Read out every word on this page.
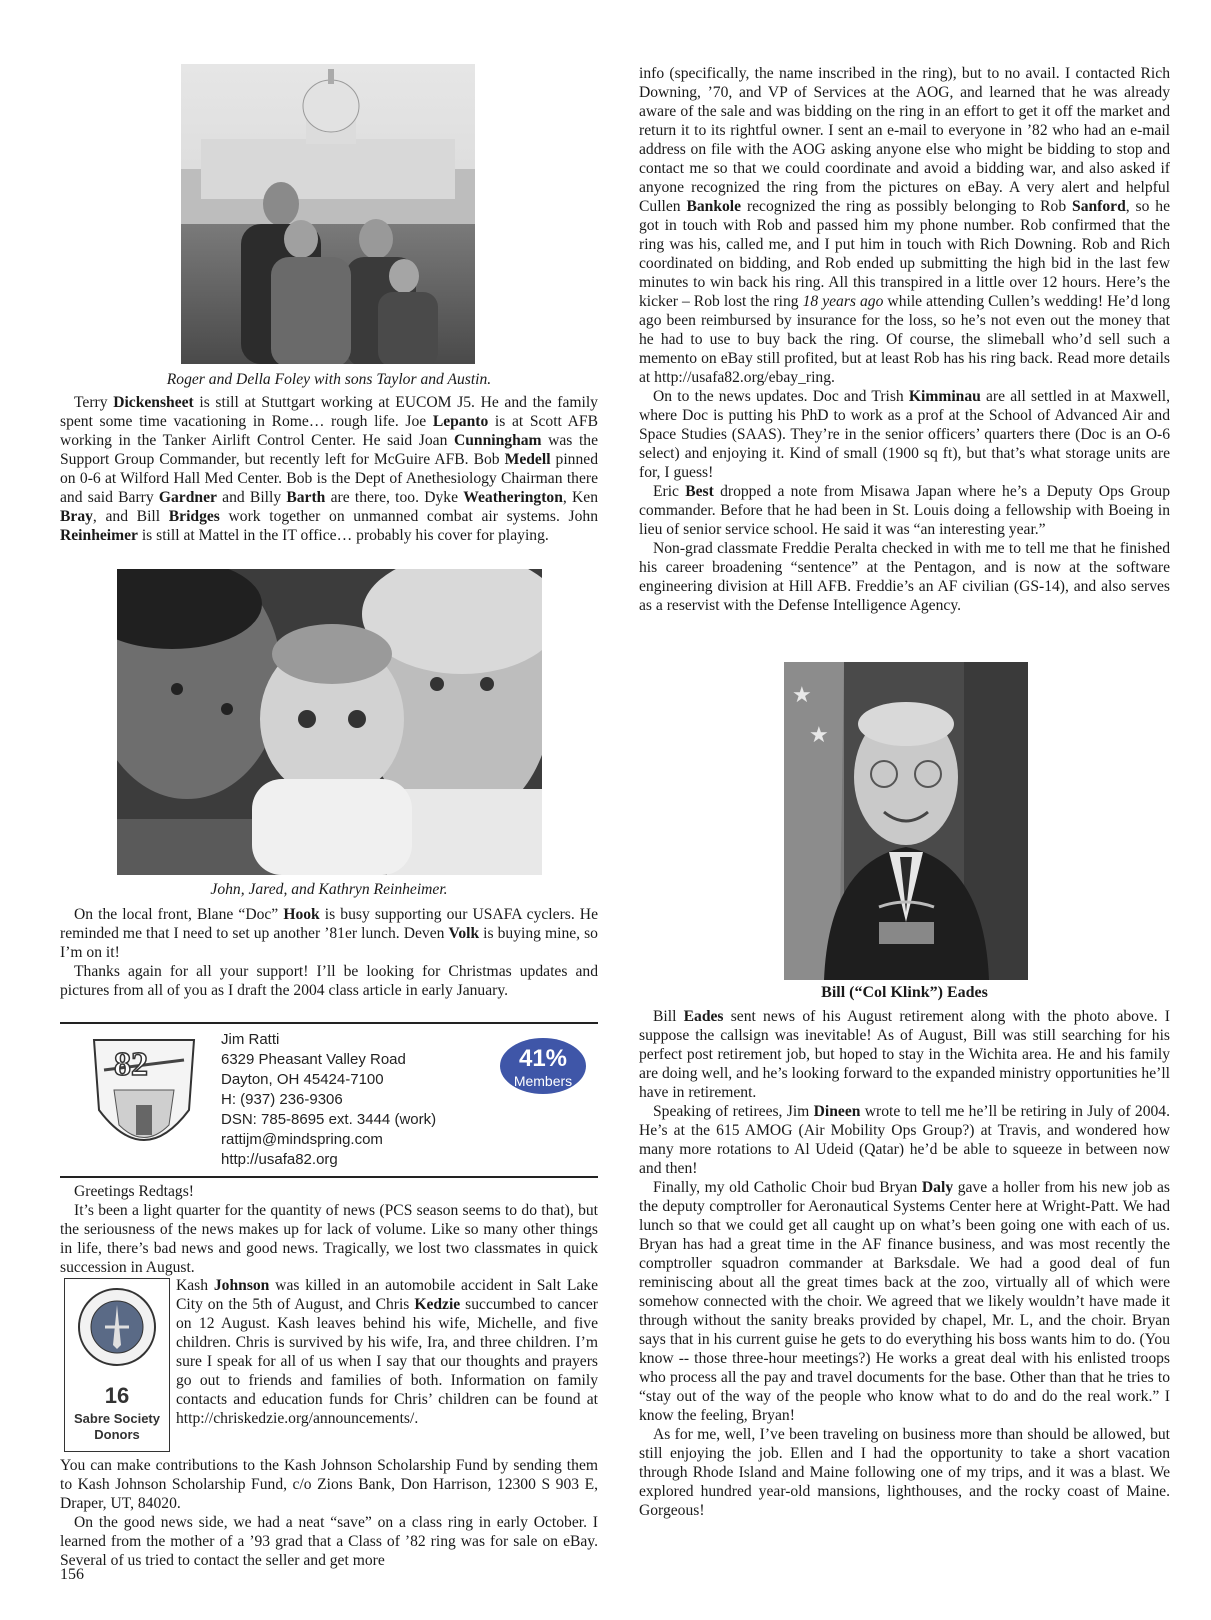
Roger and Della Foley with sons Taylor and Austin.

Terry Dickensheet is still at Stuttgart working at EUCOM J5. He and the family spent some time vacationing in Rome… rough life. Joe Lepanto is at Scott AFB working in the Tanker Airlift Control Center. He said Joan Cunningham was the Support Group Commander, but recently left for McGuire AFB. Bob Medell pinned on 0-6 at Wilford Hall Med Center. Bob is the Dept of Anethesiology Chairman there and said Barry Gardner and Billy Barth are there, too. Dyke Weatherington, Ken Bray, and Bill Bridges work together on unmanned combat air systems. John Reinheimer is still at Mattel in the IT office… probably his cover for playing.

John, Jared, and Kathryn Reinheimer.

On the local front, Blane “Doc” Hook is busy supporting our USAFA cyclers. He reminded me that I need to set up another ’81er lunch. Deven Volk is buying mine, so I’m on it!

Thanks again for all your support! I’ll be looking for Christmas updates and pictures from all of you as I draft the 2004 class article in early January.

82
Jim Ratti
6329 Pheasant Valley Road
Dayton, OH 45424-7100
H: (937) 236-9306
DSN: 785-8695 ext. 3444 (work)
rattijm@mindspring.com
http://usafa82.org
41%
Members

Greetings Redtags!

It’s been a light quarter for the quantity of news (PCS season seems to do that), but the seriousness of the news makes up for lack of volume. Like so many other things in life, there’s bad news and good news. Tragically, we lost two classmates in quick succession in August.

16
Sabre Society
Donors

Kash Johnson was killed in an automobile accident in Salt Lake City on the 5th of August, and Chris Kedzie succumbed to cancer on 12 August. Kash leaves behind his wife, Michelle, and five children. Chris is survived by his wife, Ira, and three children. I’m sure I speak for all of us when I say that our thoughts and prayers go out to friends and families of both. Information on family contacts and education funds for Chris’ children can be found at http://chriskedzie.org/announcements/.

You can make contributions to the Kash Johnson Scholarship Fund by sending them to Kash Johnson Scholarship Fund, c/o Zions Bank, Don Harrison, 12300 S 903 E, Draper, UT, 84020.

On the good news side, we had a neat “save” on a class ring in early October. I learned from the mother of a ’93 grad that a Class of ’82 ring was for sale on eBay. Several of us tried to contact the seller and get more

156

info (specifically, the name inscribed in the ring), but to no avail. I contacted Rich Downing, ’70, and VP of Services at the AOG, and learned that he was already aware of the sale and was bidding on the ring in an effort to get it off the market and return it to its rightful owner. I sent an e-mail to everyone in ’82 who had an e-mail address on file with the AOG asking anyone else who might be bidding to stop and contact me so that we could coordinate and avoid a bidding war, and also asked if anyone recognized the ring from the pictures on eBay. A very alert and helpful Cullen Bankole recognized the ring as possibly belonging to Rob Sanford, so he got in touch with Rob and passed him my phone number. Rob confirmed that the ring was his, called me, and I put him in touch with Rich Downing. Rob and Rich coordinated on bidding, and Rob ended up submitting the high bid in the last few minutes to win back his ring. All this transpired in a little over 12 hours. Here’s the kicker – Rob lost the ring 18 years ago while attending Cullen’s wedding! He’d long ago been reimbursed by insurance for the loss, so he’s not even out the money that he had to use to buy back the ring. Of course, the slimeball who’d sell such a memento on eBay still profited, but at least Rob has his ring back. Read more details at http://usafa82.org/ebay_ring.

On to the news updates. Doc and Trish Kimminau are all settled in at Maxwell, where Doc is putting his PhD to work as a prof at the School of Advanced Air and Space Studies (SAAS). They’re in the senior officers’ quarters there (Doc is an O-6 select) and enjoying it. Kind of small (1900 sq ft), but that’s what storage units are for, I guess!

Eric Best dropped a note from Misawa Japan where he’s a Deputy Ops Group commander. Before that he had been in St. Louis doing a fellowship with Boeing in lieu of senior service school. He said it was “an interesting year.”

Non-grad classmate Freddie Peralta checked in with me to tell me that he finished his career broadening “sentence” at the Pentagon, and is now at the software engineering division at Hill AFB. Freddie’s an AF civilian (GS-14), and also serves as a reservist with the Defense Intelligence Agency.

★
★
Bill (“Col Klink”) Eades

Bill Eades sent news of his August retirement along with the photo above. I suppose the callsign was inevitable! As of August, Bill was still searching for his perfect post retirement job, but hoped to stay in the Wichita area. He and his family are doing well, and he’s looking forward to the expanded ministry opportunities he’ll have in retirement.

Speaking of retirees, Jim Dineen wrote to tell me he’ll be retiring in July of 2004. He’s at the 615 AMOG (Air Mobility Ops Group?) at Travis, and wondered how many more rotations to Al Udeid (Qatar) he’d be able to squeeze in between now and then!

Finally, my old Catholic Choir bud Bryan Daly gave a holler from his new job as the deputy comptroller for Aeronautical Systems Center here at Wright-Patt. We had lunch so that we could get all caught up on what’s been going one with each of us. Bryan has had a great time in the AF finance business, and was most recently the comptroller squadron commander at Barksdale. We had a good deal of fun reminiscing about all the great times back at the zoo, virtually all of which were somehow connected with the choir. We agreed that we likely wouldn’t have made it through without the sanity breaks provided by chapel, Mr. L, and the choir. Bryan says that in his current guise he gets to do everything his boss wants him to do. (You know -- those three-hour meetings?) He works a great deal with his enlisted troops who process all the pay and travel documents for the base. Other than that he tries to “stay out of the way of the people who know what to do and do the real work.” I know the feeling, Bryan!

As for me, well, I’ve been traveling on business more than should be allowed, but still enjoying the job. Ellen and I had the opportunity to take a short vacation through Rhode Island and Maine following one of my trips, and it was a blast. We explored hundred year-old mansions, lighthouses, and the rocky coast of Maine. Gorgeous!
